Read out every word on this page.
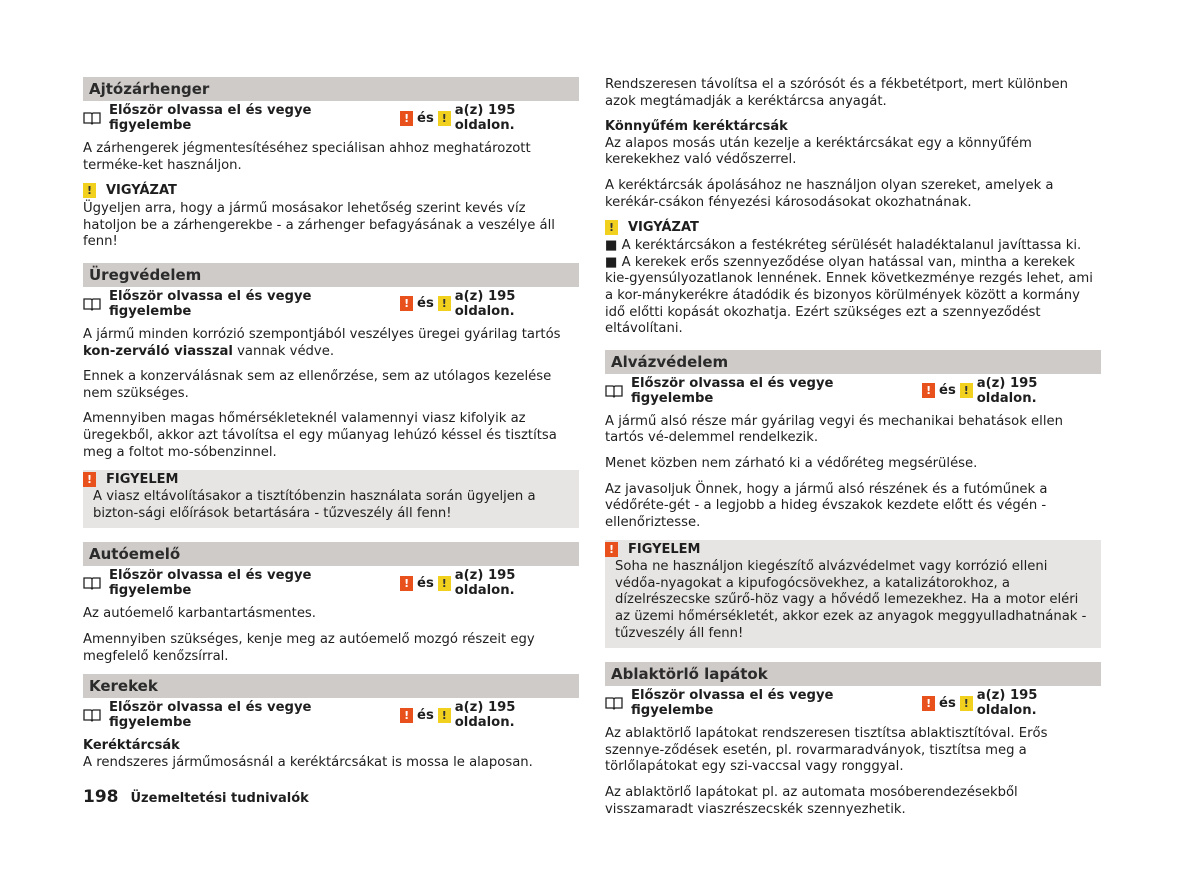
Ajtózárhenger
Először olvassa el és vegye figyelembe	! és ! a(z) 195 oldalon.

A zárhengerek jégmentesítéséhez speciálisan ahhoz meghatározott terméke-ket használjon.

!	VIGYÁZAT

Ügyeljen arra, hogy a jármű mosásakor lehetőség szerint kevés víz hatoljon be a zárhengerekbe - a zárhenger befagyásának a veszélye áll fenn!

Üregvédelem
Először olvassa el és vegye figyelembe	! és ! a(z) 195 oldalon.

A jármű minden korrózió szempontjából veszélyes üregei gyárilag tartós kon-zerváló viasszal vannak védve.

Ennek a konzerválásnak sem az ellenőrzése, sem az utólagos kezelése nem szükséges.

Amennyiben magas hőmérsékleteknél valamennyi viasz kifolyik az üregekből, akkor azt távolítsa el egy műanyag lehúzó késsel és tisztítsa meg a foltot mo-sóbenzinnel.

!	FIGYELEM

A viasz eltávolításakor a tisztítóbenzin használata során ügyeljen a bizton-sági előírások betartására - tűzveszély áll fenn!

Autóemelő
Először olvassa el és vegye figyelembe	! és ! a(z) 195 oldalon.

Az autóemelő karbantartásmentes.

Amennyiben szükséges, kenje meg az autóemelő mozgó részeit egy megfelelő kenőzsírral.

Kerekek
Először olvassa el és vegye figyelembe	! és ! a(z) 195 oldalon.
Keréktárcsák

A rendszeres járműmosásnál a keréktárcsákat is mossa le alaposan.

Rendszeresen távolítsa el a szórósót és a fékbetétport, mert különben azok megtámadják a keréktárcsa anyagát.

Könnyűfém keréktárcsák

Az alapos mosás után kezelje a keréktárcsákat egy a könnyűfém kerekekhez való védőszerrel.

A keréktárcsák ápolásához ne használjon olyan szereket, amelyek a kerékár-csákon fényezési károsodásokat okozhatnának.

!	VIGYÁZAT

■ A keréktárcsákon a festékréteg sérülését haladéktalanul javíttassa ki.

■ A kerekek erős szennyeződése olyan hatással van, mintha a kerekek kie-gyensúlyozatlanok lennének. Ennek következménye rezgés lehet, ami a kor-mánykerékre átadódik és bizonyos körülmények között a kormány idő előtti kopását okozhatja. Ezért szükséges ezt a szennyeződést eltávolítani.

Alvázvédelem
Először olvassa el és vegye figyelembe	! és ! a(z) 195 oldalon.

A jármű alsó része már gyárilag vegyi és mechanikai behatások ellen tartós vé-delemmel rendelkezik.

Menet közben nem zárható ki a védőréteg megsérülése.

Az javasoljuk Önnek, hogy a jármű alsó részének és a futóműnek a védőréte-gét - a legjobb a hideg évszakok kezdete előtt és végén - ellenőriztesse.

!	FIGYELEM

Soha ne használjon kiegészítő alvázvédelmet vagy korrózió elleni védőa-nyagokat a kipufogócsövekhez, a katalizátorokhoz, a dízelrészecske szűrő-höz vagy a hővédő lemezekhez. Ha a motor eléri az üzemi hőmérsékletét, akkor ezek az anyagok meggyulladhatnának - tűzveszély áll fenn!

Ablaktörlő lapátok
Először olvassa el és vegye figyelembe	! és ! a(z) 195 oldalon.

Az ablaktörlő lapátokat rendszeresen tisztítsa ablaktisztítóval. Erős szennye-ződések esetén, pl. rovarmaradványok, tisztítsa meg a törlőlapátokat egy szi-vaccsal vagy ronggyal.

Az ablaktörlő lapátokat pl. az automata mosóberendezésekből visszamaradt viaszrészecskék szennyezhetik.

198 Üzemeltetési tudnivalók
